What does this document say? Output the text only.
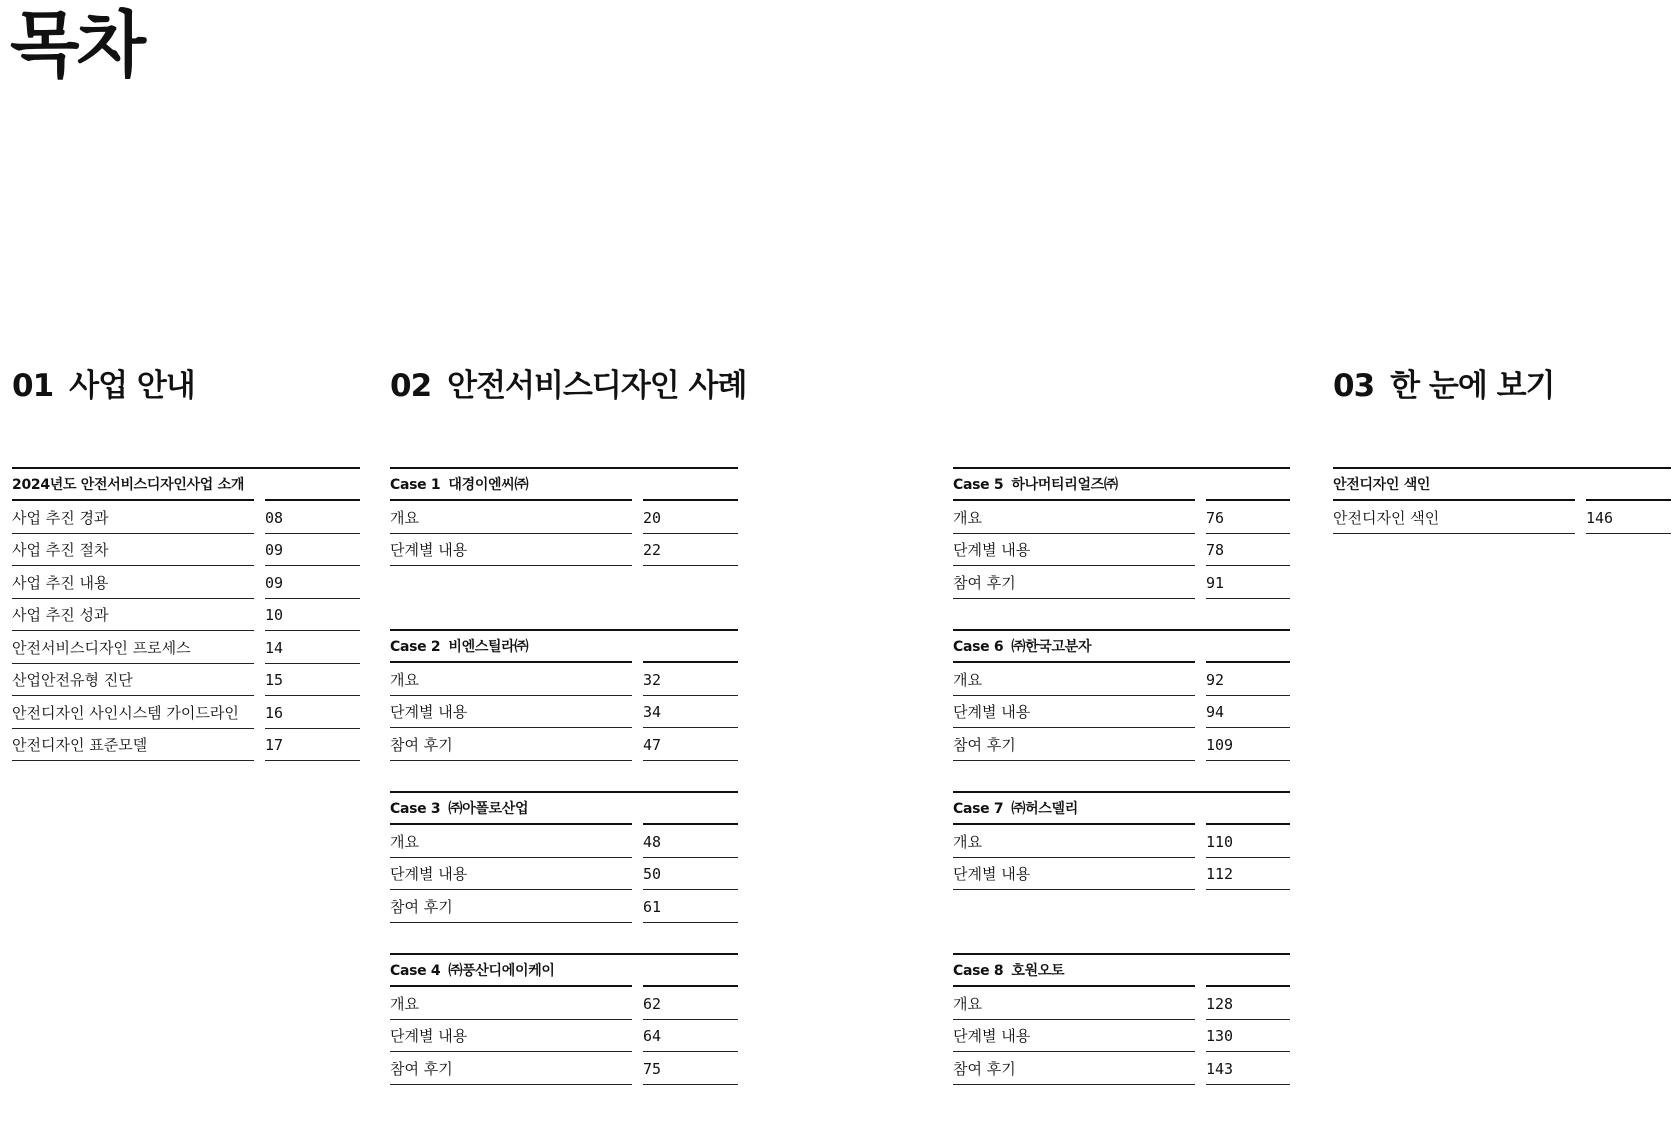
목차
01 사업 안내	02 안전서비스디자인 사례	03 한 눈에 보기
2024년도 안전서비스디자인사업 소개
사업 추진 경과	08
사업 추진 절차	09
사업 추진 내용	09
사업 추진 성과	10
안전서비스디자인 프로세스	14
산업안전유형 진단	15
안전디자인 사인시스템 가이드라인	16
안전디자인 표준모델	17
Case 1 대경이엔씨㈜
개요	20
단계별 내용	22
Case 2 비엔스틸라㈜
개요	32
단계별 내용	34
참여 후기	47
Case 3 ㈜아폴로산업
개요	48
단계별 내용	50
참여 후기	61
Case 4 ㈜풍산디에이케이
개요	62
단계별 내용	64
참여 후기	75
Case 5 하나머티리얼즈㈜
개요	76
단계별 내용	78
참여 후기	91
Case 6 ㈜한국고분자
개요	92
단계별 내용	94
참여 후기	109
Case 7 ㈜허스델리
개요	110
단계별 내용	112
Case 8 호원오토
개요	128
단계별 내용	130
참여 후기	143
안전디자인 색인
안전디자인 색인	146
